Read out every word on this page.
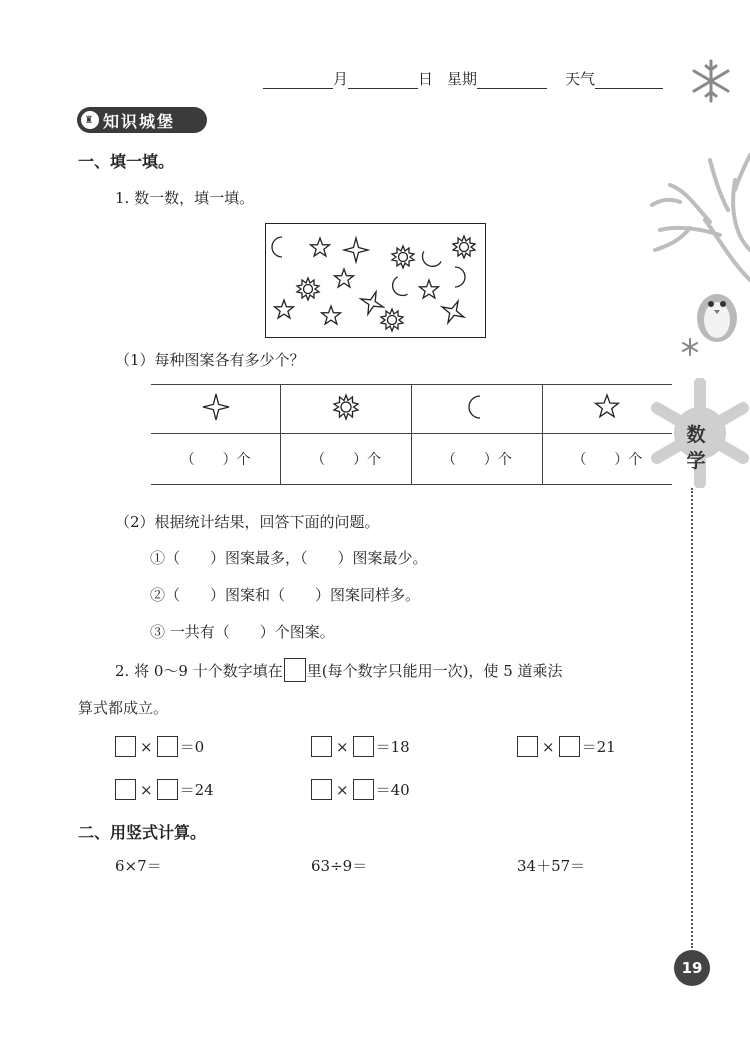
月	日 星期	天气
♜ 知识城堡
数
学
19
一、填一填。
1. 数一数，填一填。
（1）每种图案各有多少个？

（　　）个	（　　）个	（　　）个	（　　）个
（2）根据统计结果，回答下面的问题。
①（　　）图案最多，（　　）图案最少。
②（　　）图案和（　　）图案同样多。
③ 一共有（　　）个图案。
2. 将 0～9 十个数字填在 里(每个数字只能用一次)，使 5 道乘法
算式都成立。
× ＝0	× ＝18	× ＝21
× ＝24	× ＝40
二、用竖式计算。
6×7＝	63÷9＝	34＋57＝
